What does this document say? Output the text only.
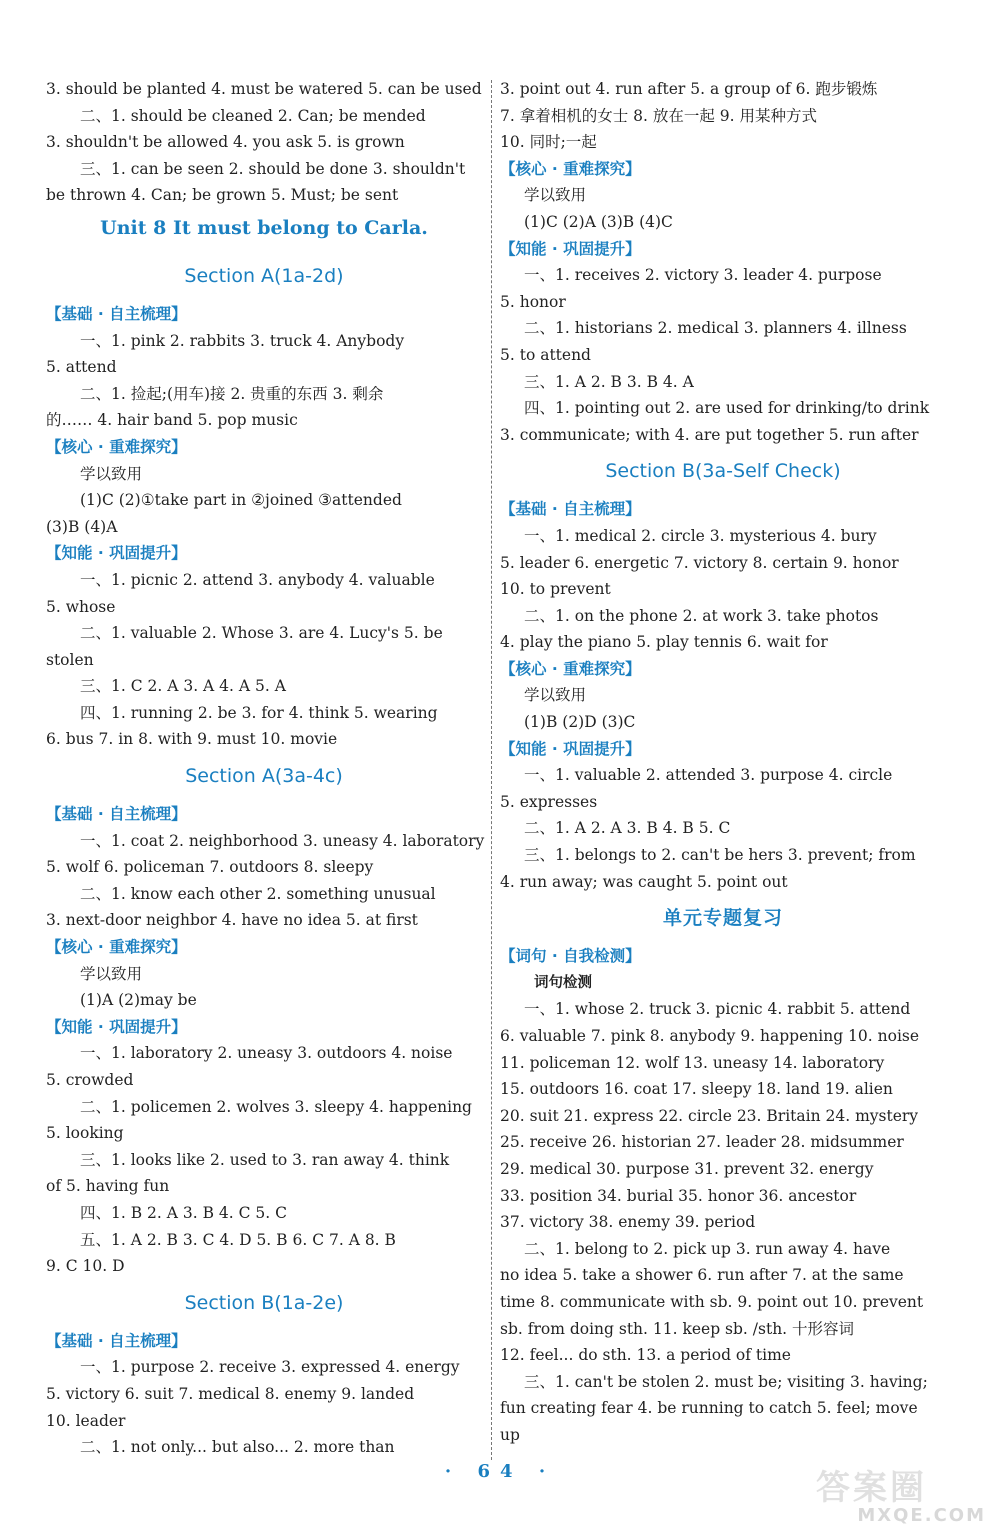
3. should be planted 4. must be watered 5. can be used
二、1. should be cleaned 2. Can; be mended
3. shouldn't be allowed 4. you ask 5. is grown
三、1. can be seen 2. should be done 3. shouldn't
be thrown 4. Can; be grown 5. Must; be sent
Unit 8 It must belong to Carla.
Section A(1a-2d)
【基础 · 自主梳理】
一、1. pink 2. rabbits 3. truck 4. Anybody
5. attend
二、1. 捡起;(用车)接 2. 贵重的东西 3. 剩余
的…… 4. hair band 5. pop music
【核心 · 重难探究】
学以致用
(1)C (2)①take part in ②joined ③attended
(3)B (4)A
【知能 · 巩固提升】
一、1. picnic 2. attend 3. anybody 4. valuable
5. whose
二、1. valuable 2. Whose 3. are 4. Lucy's 5. be
stolen
三、1. C 2. A 3. A 4. A 5. A
四、1. running 2. be 3. for 4. think 5. wearing
6. bus 7. in 8. with 9. must 10. movie
Section A(3a-4c)
【基础 · 自主梳理】
一、1. coat 2. neighborhood 3. uneasy 4. laboratory
5. wolf 6. policeman 7. outdoors 8. sleepy
二、1. know each other 2. something unusual
3. next-door neighbor 4. have no idea 5. at first
【核心 · 重难探究】
学以致用
(1)A (2)may be
【知能 · 巩固提升】
一、1. laboratory 2. uneasy 3. outdoors 4. noise
5. crowded
二、1. policemen 2. wolves 3. sleepy 4. happening
5. looking
三、1. looks like 2. used to 3. ran away 4. think
of 5. having fun
四、1. B 2. A 3. B 4. C 5. C
五、1. A 2. B 3. C 4. D 5. B 6. C 7. A 8. B
9. C 10. D
Section B(1a-2e)
【基础 · 自主梳理】
一、1. purpose 2. receive 3. expressed 4. energy
5. victory 6. suit 7. medical 8. enemy 9. landed
10. leader
二、1. not only... but also... 2. more than
3. point out 4. run after 5. a group of 6. 跑步锻炼
7. 拿着相机的女士 8. 放在一起 9. 用某种方式
10. 同时;一起
【核心 · 重难探究】
学以致用
(1)C (2)A (3)B (4)C
【知能 · 巩固提升】
一、1. receives 2. victory 3. leader 4. purpose
5. honor
二、1. historians 2. medical 3. planners 4. illness
5. to attend
三、1. A 2. B 3. B 4. A
四、1. pointing out 2. are used for drinking/to drink
3. communicate; with 4. are put together 5. run after
Section B(3a-Self Check)
【基础 · 自主梳理】
一、1. medical 2. circle 3. mysterious 4. bury
5. leader 6. energetic 7. victory 8. certain 9. honor
10. to prevent
二、1. on the phone 2. at work 3. take photos
4. play the piano 5. play tennis 6. wait for
【核心 · 重难探究】
学以致用
(1)B (2)D (3)C
【知能 · 巩固提升】
一、1. valuable 2. attended 3. purpose 4. circle
5. expresses
二、1. A 2. A 3. B 4. B 5. C
三、1. belongs to 2. can't be hers 3. prevent; from
4. run away; was caught 5. point out
单元专题复习
【词句 · 自我检测】
词句检测
一、1. whose 2. truck 3. picnic 4. rabbit 5. attend
6. valuable 7. pink 8. anybody 9. happening 10. noise
11. policeman 12. wolf 13. uneasy 14. laboratory
15. outdoors 16. coat 17. sleepy 18. land 19. alien
20. suit 21. express 22. circle 23. Britain 24. mystery
25. receive 26. historian 27. leader 28. midsummer
29. medical 30. purpose 31. prevent 32. energy
33. position 34. burial 35. honor 36. ancestor
37. victory 38. enemy 39. period
二、1. belong to 2. pick up 3. run away 4. have
no idea 5. take a shower 6. run after 7. at the same
time 8. communicate with sb. 9. point out 10. prevent
sb. from doing sth. 11. keep sb. /sth. 十形容词
12. feel... do sth. 13. a period of time
三、1. can't be stolen 2. must be; visiting 3. having;
fun creating fear 4. be running to catch 5. feel; move
up
· 64 ·	答案圈
MXQE.COM
